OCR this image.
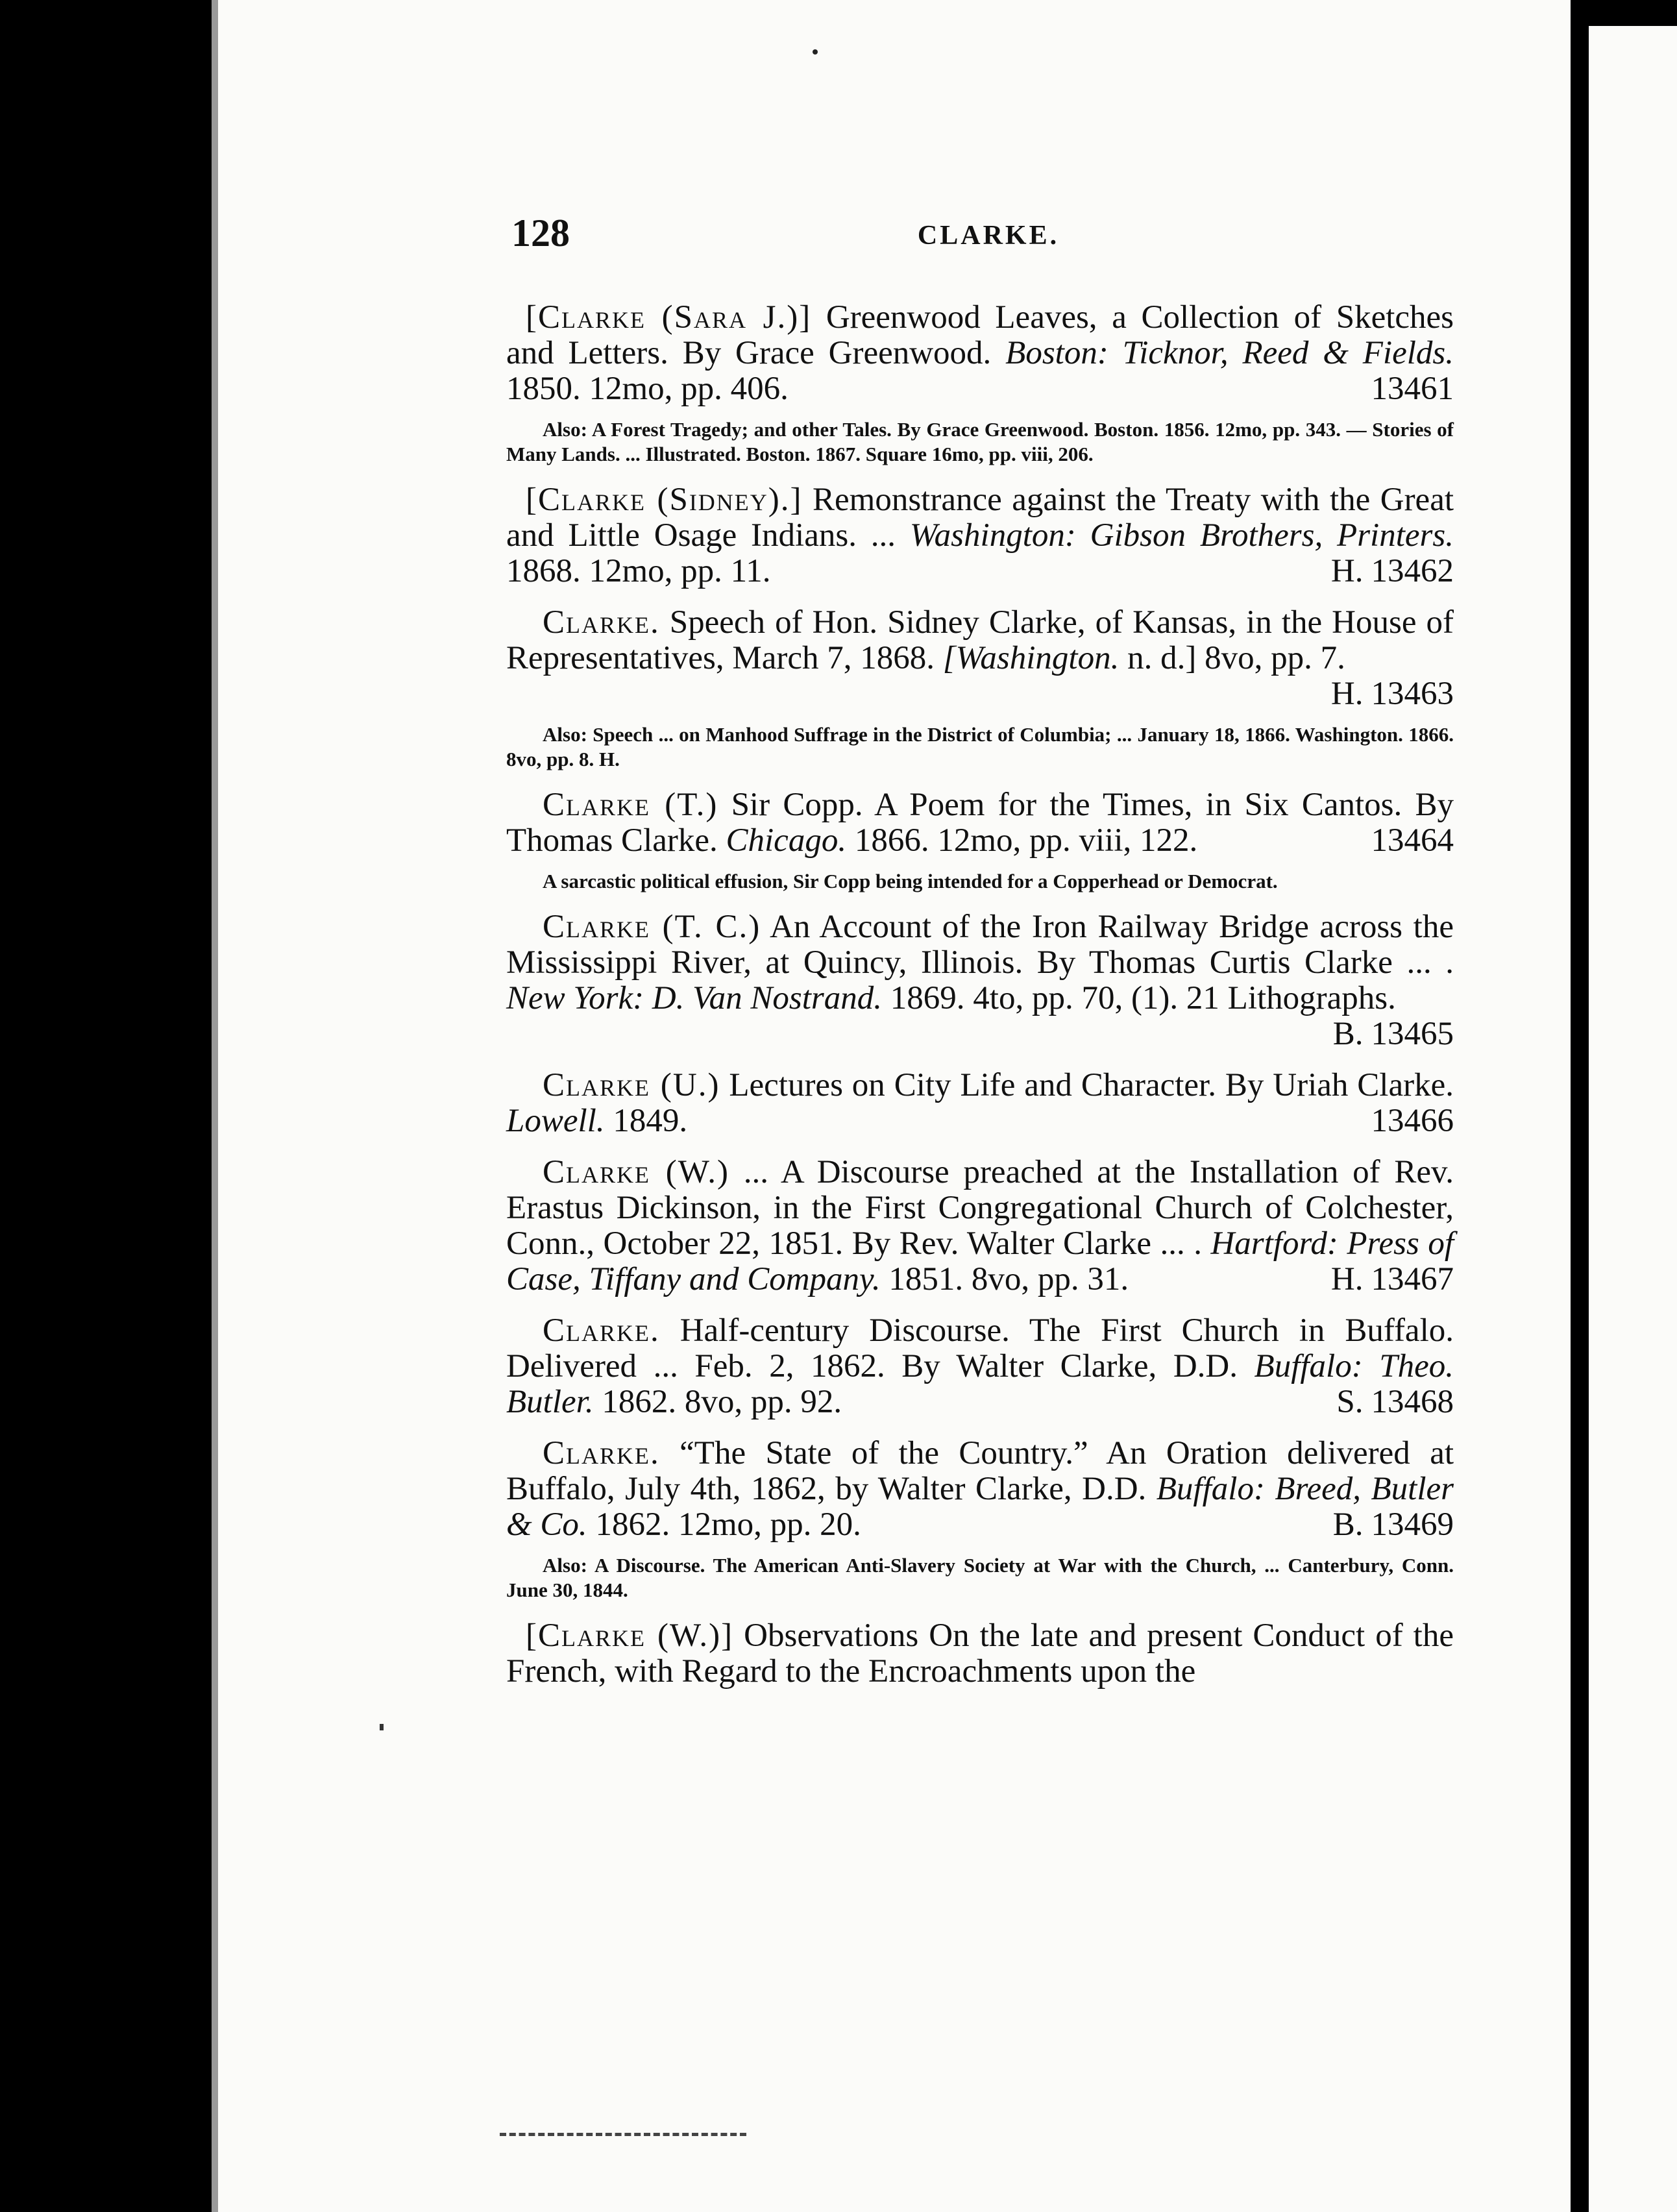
128	CLARKE.
[Clarke (Sara J.)] Greenwood Leaves, a Collection of Sketches and Letters. By Grace Greenwood. Boston: Ticknor, Reed & Fields. 1850. 12mo, pp. 406.	13461
Also: A Forest Tragedy; and other Tales. By Grace Greenwood. Boston. 1856. 12mo, pp. 343. — Stories of Many Lands. ... Illustrated. Boston. 1867. Square 16mo, pp. viii, 206.
[Clarke (Sidney).] Remonstrance against the Treaty with the Great and Little Osage Indians. ... Washington: Gibson Brothers, Printers. 1868. 12mo, pp. 11.	H. 13462
Clarke. Speech of Hon. Sidney Clarke, of Kansas, in the House of Representatives, March 7, 1868. [Washington. n. d.] 8vo, pp. 7.
H. 13463
Also: Speech ... on Manhood Suffrage in the District of Columbia; ... January 18, 1866. Washington. 1866. 8vo, pp. 8. H.
Clarke (T.) Sir Copp. A Poem for the Times, in Six Cantos. By Thomas Clarke. Chicago. 1866. 12mo, pp. viii, 122.	13464
A sarcastic political effusion, Sir Copp being intended for a Copperhead or Democrat.
Clarke (T. C.) An Account of the Iron Railway Bridge across the Mississippi River, at Quincy, Illinois. By Thomas Curtis Clarke ... . New York: D. Van Nostrand. 1869. 4to, pp. 70, (1). 21 Lithographs.
B. 13465
Clarke (U.) Lectures on City Life and Character. By Uriah Clarke. Lowell. 1849.	13466
Clarke (W.) ... A Discourse preached at the Installation of Rev. Erastus Dickinson, in the First Congregational Church of Colchester, Conn., October 22, 1851. By Rev. Walter Clarke ... . Hartford: Press of Case, Tiffany and Company. 1851. 8vo, pp. 31.	H. 13467
Clarke. Half-century Discourse. The First Church in Buffalo. Delivered ... Feb. 2, 1862. By Walter Clarke, D.D. Buffalo: Theo. Butler. 1862. 8vo, pp. 92.	S. 13468
Clarke. “The State of the Country.” An Oration delivered at Buffalo, July 4th, 1862, by Walter Clarke, D.D. Buffalo: Breed, Butler & Co. 1862. 12mo, pp. 20.	B. 13469
Also: A Discourse. The American Anti-Slavery Society at War with the Church, ... Canterbury, Conn. June 30, 1844.
[Clarke (W.)] Observations On the late and present Conduct of the French, with Regard to the Encroachments upon the
